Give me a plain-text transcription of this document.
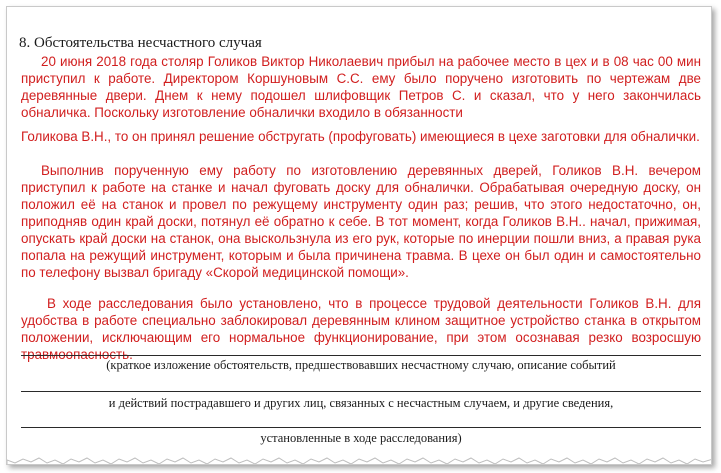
8. Обстоятельства несчастного случая

20 июня 2018 года столяр Голиков Виктор Николаевич прибыл на рабочее место в цех и в 08 час 00 мин приступил к работе. Директором Коршуновым С.С. ему было поручено изготовить по чертежам две деревянные двери. Днем к нему подошел шлифовщик Петров С. и сказал, что у него закончилась обналичка. Поскольку изготовление обналички входило в обязанности

Голикова В.Н., то он принял решение обстругать (профуговать) имеющиеся в цехе заготовки для обналички.

Выполнив порученную ему работу по изготовлению деревянных дверей, Голиков В.Н. вечером приступил к работе на станке и начал фуговать доску для обналички. Обрабатывая очередную доску, он положил её на станок и провел по режущему инструменту один раз; решив, что этого недостаточно, он, приподняв один край доски, потянул её обратно к себе. В тот момент, когда Голиков В.Н.. начал, прижимая, опускать край доски на станок, она выскользнула из его рук, которые по инерции пошли вниз, а правая рука попала на режущий инструмент, которым и была причинена травма. В цехе он был один и самостоятельно по телефону вызвал бригаду «Скорой медицинской помощи».

В ходе расследования было установлено, что в процессе трудовой деятельности Голиков В.Н. для удобства в работе специально заблокировал деревянным клином защитное устройство станка в открытом положении, исключающим его нормальное функционирование, при этом осознавая резко возросшую травмоопасность.

(краткое изложение обстоятельств, предшествовавших несчастному случаю, описание событий
и действий пострадавшего и других лиц, связанных с несчастным случаем, и другие сведения,
установленные в ходе расследования)
